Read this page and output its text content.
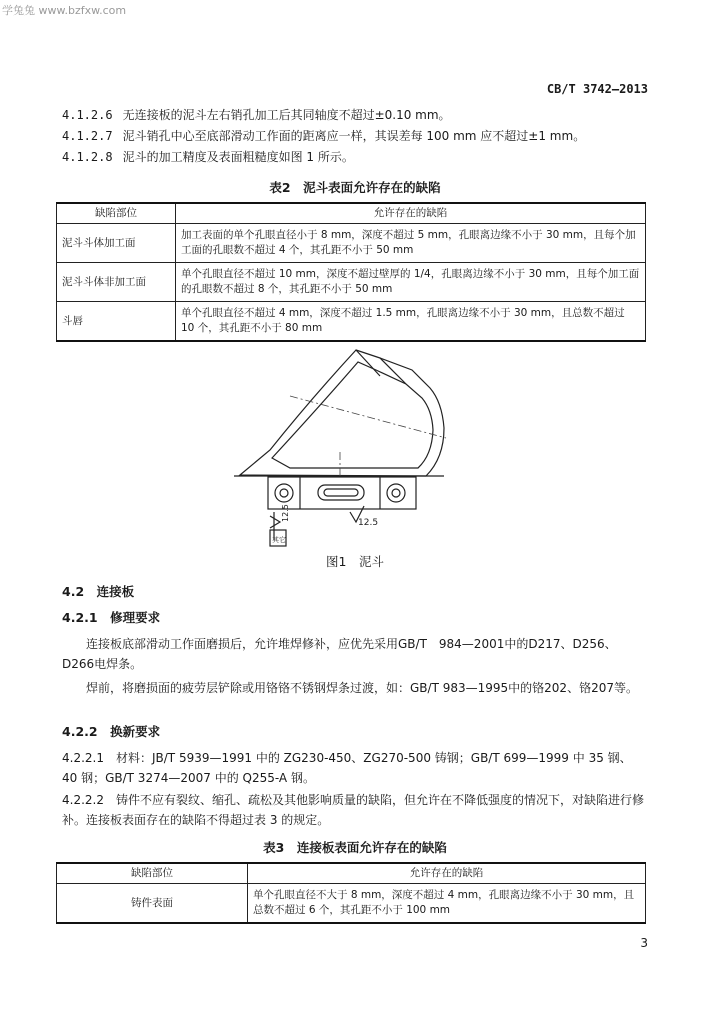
学兔兔 www.bzfxw.com
CB/T 3742—2013
4.1.2.6 无连接板的泥斗左右销孔加工后其同轴度不超过±0.10 mm。
4.1.2.7 泥斗销孔中心至底部滑动工作面的距离应一样，其误差每 100 mm 应不超过±1 mm。
4.1.2.8 泥斗的加工精度及表面粗糙度如图 1 所示。
表2　泥斗表面允许存在的缺陷
缺陷部位	允许存在的缺陷
泥斗斗体加工面	加工表面的单个孔眼直径小于 8 mm，深度不超过 5 mm，孔眼离边缘不小于 30 mm，且每个加工面的孔眼数不超过 4 个，其孔距不小于 50 mm
泥斗斗体非加工面	单个孔眼直径不超过 10 mm，深度不超过壁厚的 1/4，孔眼离边缘不小于 30 mm，且每个加工面的孔眼数不超过 8 个，其孔距不小于 50 mm
斗唇	单个孔眼直径不超过 4 mm，深度不超过 1.5 mm，孔眼离边缘不小于 30 mm，且总数不超过 10 个，其孔距不小于 80 mm
12.5
12.5
其它
图1　泥斗
4.2　连接板
4.2.1　修理要求
连接板底部滑动工作面磨损后，允许堆焊修补，应优先采用GB/T　984—2001中的D217、D256、D266电焊条。
焊前，将磨损面的疲劳层铲除或用铬铬不锈钢焊条过渡，如：GB/T 983—1995中的铬202、铬207等。
4.2.2　换新要求
4.2.2.1　材料：JB/T 5939—1991 中的 ZG230-450、ZG270-500 铸钢；GB/T 699—1999 中 35 钢、40 钢；GB/T 3274—2007 中的 Q255-A 钢。
4.2.2.2　铸件不应有裂纹、缩孔、疏松及其他影响质量的缺陷，但允许在不降低强度的情况下，对缺陷进行修补。连接板表面存在的缺陷不得超过表 3 的规定。
表3　连接板表面允许存在的缺陷
缺陷部位	允许存在的缺陷
铸件表面	单个孔眼直径不大于 8 mm，深度不超过 4 mm，孔眼离边缘不小于 30 mm，且总数不超过 6 个，其孔距不小于 100 mm
3
